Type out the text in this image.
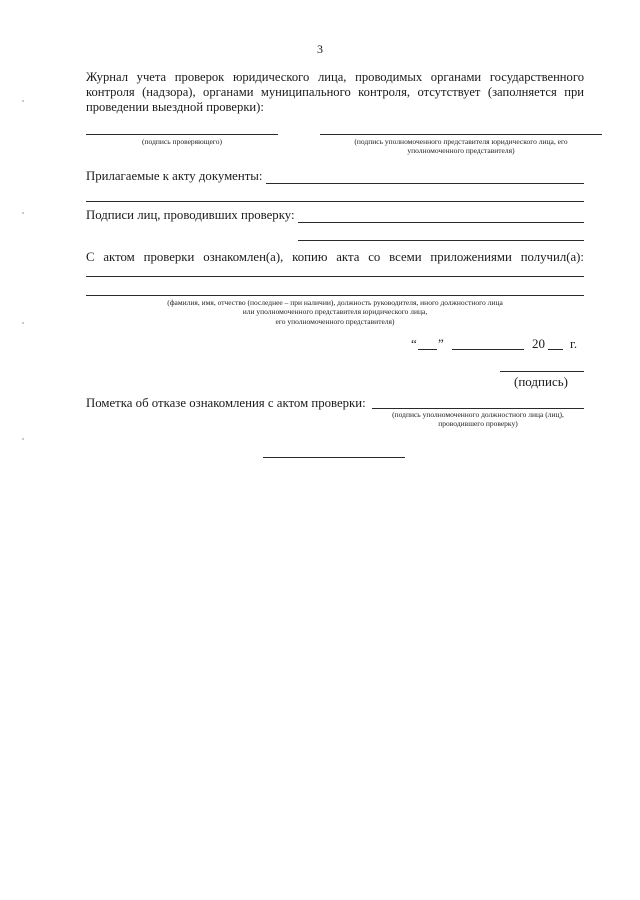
3
Журнал учета проверок юридического лица, проводимых органами государственного
контроля (надзора), органами муниципального контроля, отсутствует (заполняется при
проведении выездной проверки):
(подпись проверяющего)	(подпись уполномоченного представителя юридического лица, его
уполномоченного представителя)
Прилагаемые к акту документы:
Подписи лиц, проводивших проверку:
С актом проверки ознакомлен(а), копию акта со всеми приложениями получил(а):
(фамилия, имя, отчество (последнее – при наличии), должность руководителя, иного должностного лица
или уполномоченного представителя юридического лица,
его уполномоченного представителя)
“ ”	20 г.
(подпись)
Пометка об отказе ознакомления с актом проверки:
(подпись уполномоченного должностного лица (лиц),
проводившего проверку)
